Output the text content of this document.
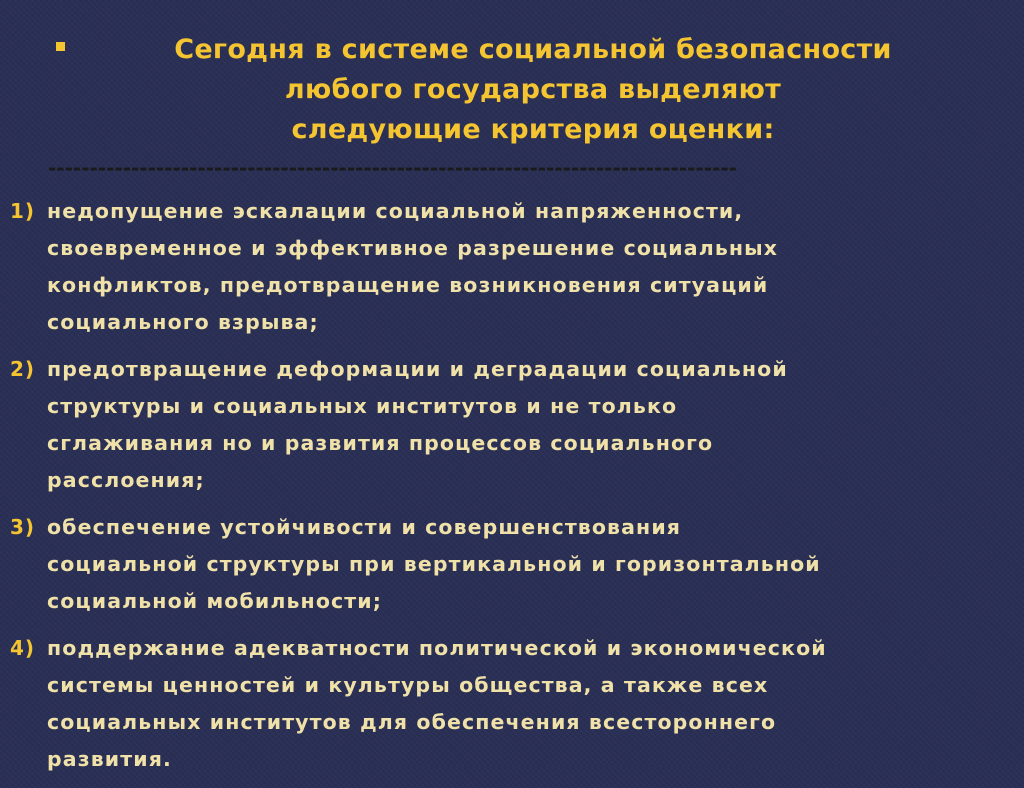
Сегодня в системе социальной безопасности
любого государства выделяют
следующие критерия оценки:
-----------------------------------------------------------------------------------
1) недопущение эскалации социальной напряженности,
своевременное и эффективное разрешение социальных
конфликтов, предотвращение возникновения ситуаций
социального взрыва;
2) предотвращение деформации и деградации социальной
структуры и социальных институтов и не только
сглаживания но и развития процессов социального
расслоения;
3) обеспечение устойчивости и совершенствования
социальной структуры при вертикальной и горизонтальной
социальной мобильности;
4) поддержание адекватности политической и экономической
системы ценностей и культуры общества, а также всех
социальных институтов для обеспечения всестороннего
развития.
